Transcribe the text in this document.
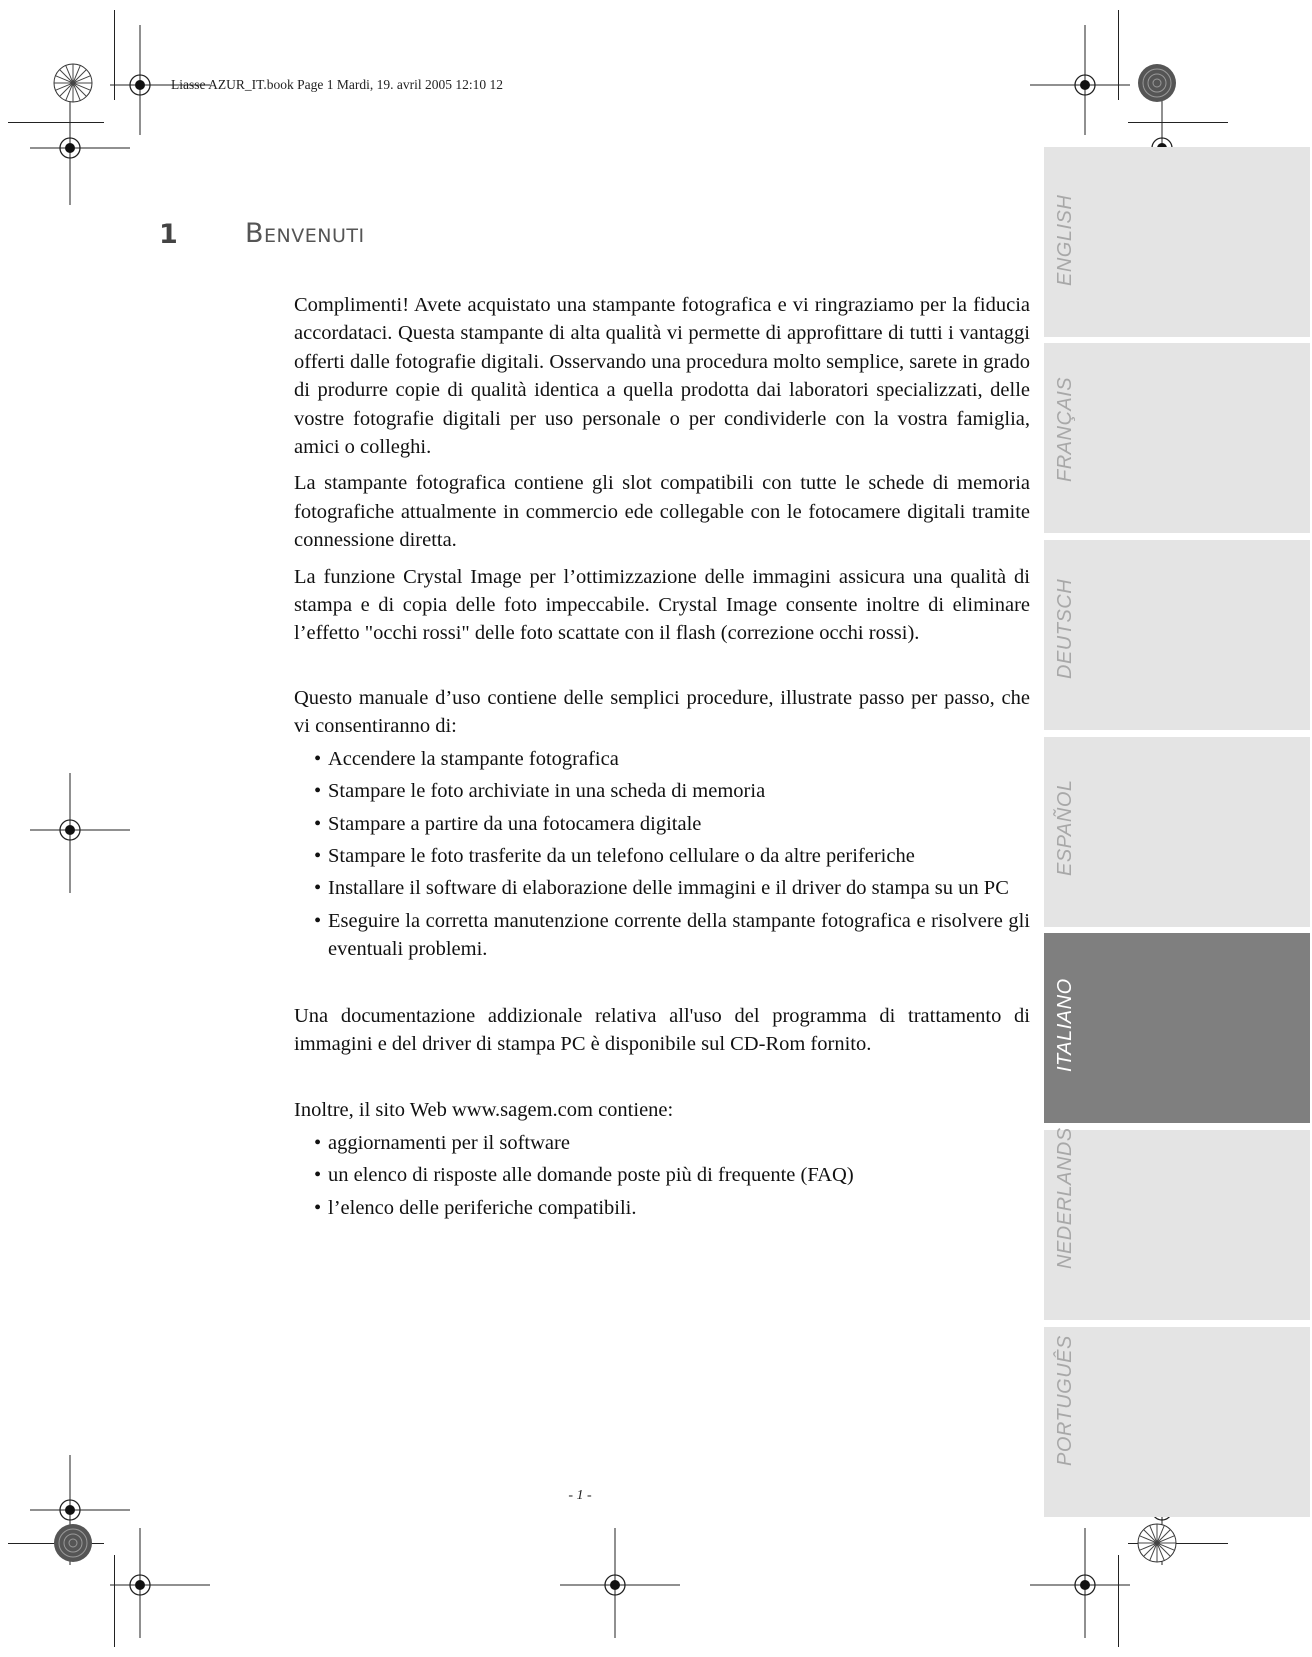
Liasse AZUR_IT.book Page 1 Mardi, 19. avril 2005 12:10 12
1 Benvenuti

Complimenti! Avete acquistato una stampante fotografica e vi ringraziamo per la fiducia accordataci. Questa stampante di alta qualità vi permette di approfittare di tutti i vantaggi offerti dalle fotografie digitali. Osservando una procedura molto semplice, sarete in grado di produrre copie di qualità identica a quella prodotta dai laboratori specializzati, delle vostre fotografie digitali per uso personale o per condividerle con la vostra famiglia, amici o colleghi.

La stampante fotografica contiene gli slot compatibili con tutte le schede di memoria fotografiche attualmente in commercio ede collegable con le fotocamere digitali tramite connessione diretta.

La funzione Crystal Image per l’ottimizzazione delle immagini assicura una qualità di stampa e di copia delle foto impeccabile. Crystal Image consente inoltre di eliminare l’effetto "occhi rossi" delle foto scattate con il flash (correzione occhi rossi).

Questo manuale d’uso contiene delle semplici procedure, illustrate passo per passo, che vi consentiranno di:

• Accendere la stampante fotografica
• Stampare le foto archiviate in una scheda di memoria
• Stampare a partire da una fotocamera digitale
• Stampare le foto trasferite da un telefono cellulare o da altre periferiche
• Installare il software di elaborazione delle immagini e il driver do stampa su un PC
• Eseguire la corretta manutenzione corrente della stampante fotografica e risolvere gli eventuali problemi.

Una documentazione addizionale relativa all'uso del programma di trattamento di immagini e del driver di stampa PC è disponibile sul CD-Rom fornito.

Inoltre, il sito Web www.sagem.com contiene:

• aggiornamenti per il software
• un elenco di risposte alle domande poste più di frequente (FAQ)
• l’elenco delle periferiche compatibili.
ENGLISH
FRANÇAIS
DEUTSCH
ESPAÑOL
ITALIANO
NEDERLANDS
PORTUGUÊS
- 1 -
